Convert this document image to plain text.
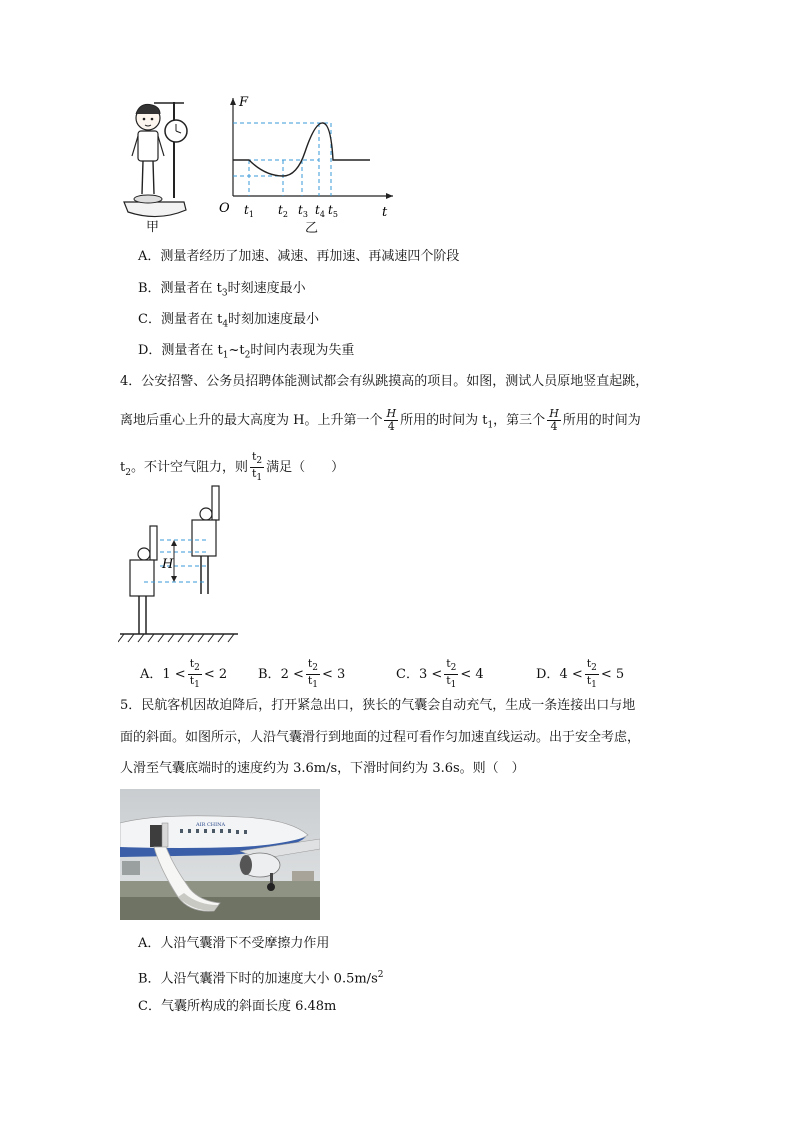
甲
F
t
O $t_1$ $t_2$ $t_3$ $t_4$ $t_5$
乙
A．测量者经历了加速、减速、再加速、再减速四个阶段
B．测量者在 $t_3$时刻速度最小
C．测量者在 $t_4$时刻加速度最小
D．测量者在 $t_1\sim t_2$时间内表现为失重
4．公安招警、公务员招聘体能测试都会有纵跳摸高的项目。如图，测试人员原地竖直起跳，
离地后重心上升的最大高度为 H。上升第一个 $\frac{H}{4}$ 所用的时间为 $t_1$，第三个 $\frac{H}{4}$ 所用的时间为
$t_2$。不计空气阻力，则 $\frac{t_2}{t_1}$ 满足（　　）
H
A．$1 < \frac{t_2}{t_1} < 2$ B．$2 < \frac{t_2}{t_1} < 3$	C．$3 < \frac{t_2}{t_1} < 4$	D．$4 < \frac{t_2}{t_1} < 5$
5．民航客机因故迫降后，打开紧急出口，狭长的气囊会自动充气，生成一条连接出口与地
面的斜面。如图所示，人沿气囊滑行到地面的过程可看作匀加速直线运动。出于安全考虑，
人滑至气囊底端时的速度约为 3.6m/s，下滑时间约为 3.6s。则（　）
AIR CHINA
A．人沿气囊滑下不受摩擦力作用
B．人沿气囊滑下时的加速度大小 $0.5m/s^2$
C．气囊所构成的斜面长度 6.48m
